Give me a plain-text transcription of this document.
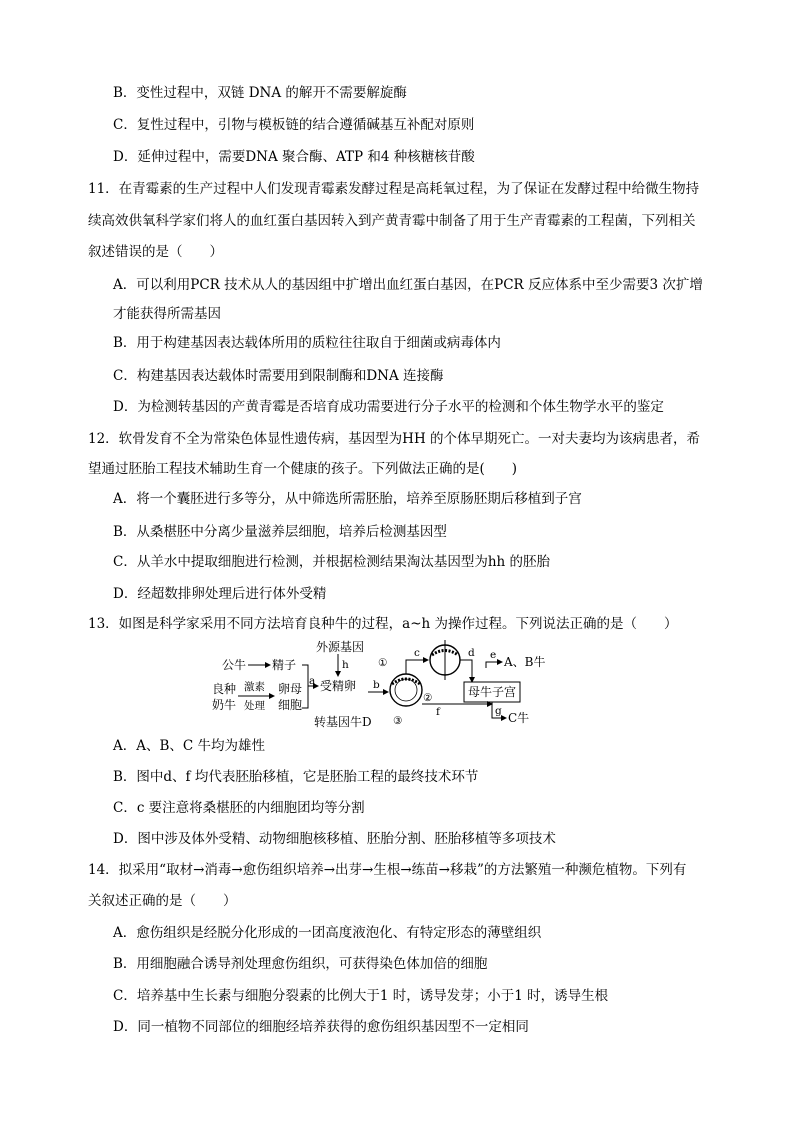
B．变性过程中，双链 DNA 的解开不需要解旋酶
C．复性过程中，引物与模板链的结合遵循碱基互补配对原则
D．延伸过程中，需要DNA 聚合酶、ATP 和4 种核糖核苷酸
11．在青霉素的生产过程中人们发现青霉素发酵过程是高耗氧过程，为了保证在发酵过程中给微生物持
续高效供氧科学家们将人的血红蛋白基因转入到产黄青霉中制备了用于生产青霉素的工程菌，下列相关
叙述错误的是（　　）
A．可以利用PCR 技术从人的基因组中扩增出血红蛋白基因，在PCR 反应体系中至少需要3 次扩增
才能获得所需基因
B．用于构建基因表达载体所用的质粒往往取自于细菌或病毒体内
C．构建基因表达载体时需要用到限制酶和DNA 连接酶
D．为检测转基因的产黄青霉是否培育成功需要进行分子水平的检测和个体生物学水平的鉴定
12．软骨发育不全为常染色体显性遗传病，基因型为HH 的个体早期死亡。一对夫妻均为该病患者，希
望通过胚胎工程技术辅助生育一个健康的孩子。下列做法正确的是(　　)
A．将一个囊胚进行多等分，从中筛选所需胚胎，培养至原肠胚期后移植到子宫
B．从桑椹胚中分离少量滋养层细胞，培养后检测基因型
C．从羊水中提取细胞进行检测，并根据检测结果淘汰基因型为hh 的胚胎
D．经超数排卵处理后进行体外受精
13．如图是科学家采用不同方法培育良种牛的过程，a~h 为操作过程。下列说法正确的是（　　）
公牛 精子
良种
奶牛
激素
处理
卵母
细胞
a
外源基因
h
受精卵 b
①
②
③
转基因牛D
c	d e A、B牛
母牛子宫
f	g C牛
A．A、B、C 牛均为雄性
B．图中d、f 均代表胚胎移植，它是胚胎工程的最终技术环节
C．c 要注意将桑椹胚的内细胞团均等分割
D．图中涉及体外受精、动物细胞核移植、胚胎分割、胚胎移植等多项技术
14．拟采用“取材→消毒→愈伤组织培养→出芽→生根→练苗→移栽”的方法繁殖一种濒危植物。下列有
关叙述正确的是（　　）
A．愈伤组织是经脱分化形成的一团高度液泡化、有特定形态的薄壁组织
B．用细胞融合诱导剂处理愈伤组织，可获得染色体加倍的细胞
C．培养基中生长素与细胞分裂素的比例大于1 时，诱导发芽；小于1 时，诱导生根
D．同一植物不同部位的细胞经培养获得的愈伤组织基因型不一定相同
